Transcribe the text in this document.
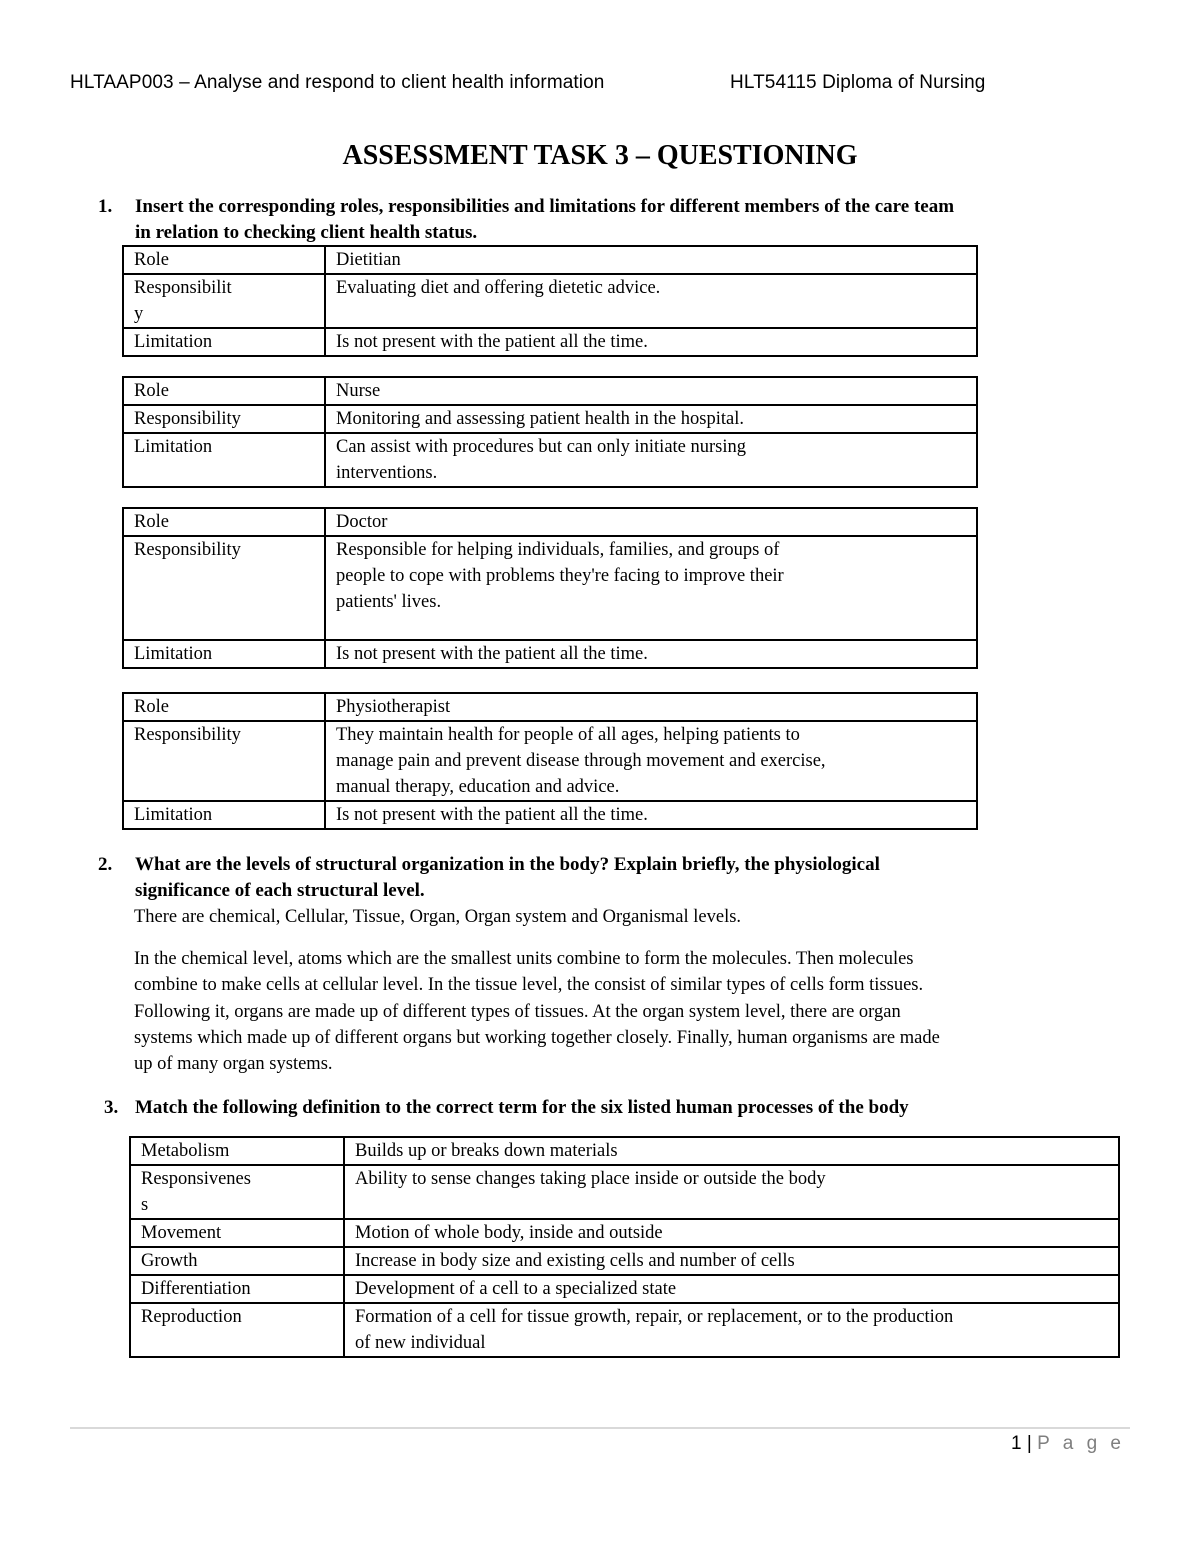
HLTAAP003 – Analyse and respond to client health information	HLT54115 Diploma of Nursing
ASSESSMENT TASK 3 – QUESTIONING
1. Insert the corresponding roles, responsibilities and limitations for different members of the care team
in relation to checking client health status.
Role	Dietitian
Responsibilit
y	Evaluating diet and offering dietetic advice.
Limitation	Is not present with the patient all the time.
Role	Nurse
Responsibility	Monitoring and assessing patient health in the hospital.
Limitation	Can assist with procedures but can only initiate nursing
interventions.
Role	Doctor
Responsibility	Responsible for helping individuals, families, and groups of
people to cope with problems they're facing to improve their
patients' lives.
Limitation	Is not present with the patient all the time.
Role	Physiotherapist
Responsibility	They maintain health for people of all ages, helping patients to
manage pain and prevent disease through movement and exercise,
manual therapy, education and advice.
Limitation	Is not present with the patient all the time.
2. What are the levels of structural organization in the body? Explain briefly, the physiological
significance of each structural level.
There are chemical, Cellular, Tissue, Organ, Organ system and Organismal levels.
In the chemical level, atoms which are the smallest units combine to form the molecules. Then molecules
combine to make cells at cellular level. In the tissue level, the consist of similar types of cells form tissues.
Following it, organs are made up of different types of tissues. At the organ system level, there are organ
systems which made up of different organs but working together closely. Finally, human organisms are made
up of many organ systems.
3. Match the following definition to the correct term for the six listed human processes of the body
Metabolism	Builds up or breaks down materials
Responsivenes
s	Ability to sense changes taking place inside or outside the body
Movement	Motion of whole body, inside and outside
Growth	Increase in body size and existing cells and number of cells
Differentiation	Development of a cell to a specialized state
Reproduction	Formation of a cell for tissue growth, repair, or replacement, or to the production
of new individual
1 | P a g e
